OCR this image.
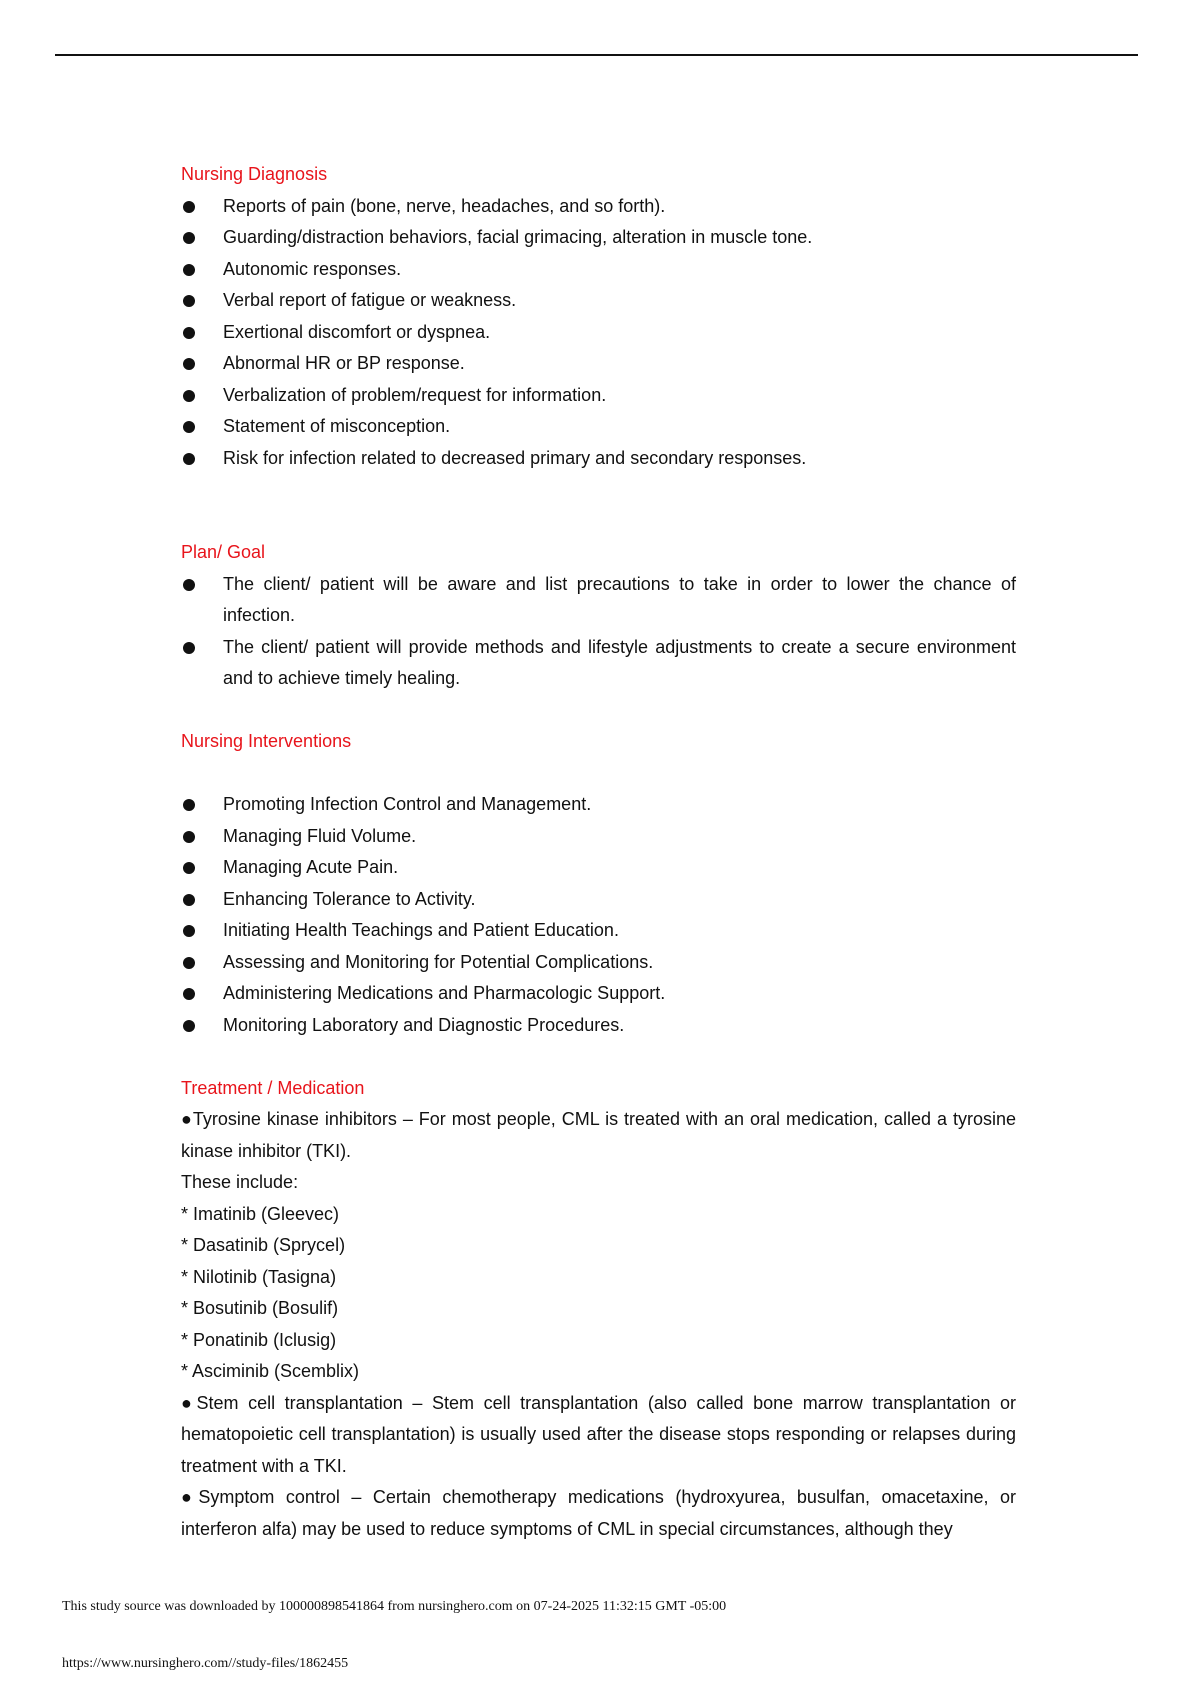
Nursing Diagnosis
Reports of pain (bone, nerve, headaches, and so forth).
Guarding/distraction behaviors, facial grimacing, alteration in muscle tone.
Autonomic responses.
Verbal report of fatigue or weakness.
Exertional discomfort or dyspnea.
Abnormal HR or BP response.
Verbalization of problem/request for information.
Statement of misconception.
Risk for infection related to decreased primary and secondary responses.
Plan/ Goal
The client/ patient will be aware and list precautions to take in order to lower the chance of infection.
The client/ patient will provide methods and lifestyle adjustments to create a secure environment and to achieve timely healing.
Nursing Interventions
Promoting Infection Control and Management.
Managing Fluid Volume.
Managing Acute Pain.
Enhancing Tolerance to Activity.
Initiating Health Teachings and Patient Education.
Assessing and Monitoring for Potential Complications.
Administering Medications and Pharmacologic Support.
Monitoring Laboratory and Diagnostic Procedures.
Treatment / Medication

●Tyrosine kinase inhibitors – For most people, CML is treated with an oral medication, called a tyrosine kinase inhibitor (TKI).

These include:

* Imatinib (Gleevec)

* Dasatinib (Sprycel)

* Nilotinib (Tasigna)

* Bosutinib (Bosulif)

* Ponatinib (Iclusig)

* Asciminib (Scemblix)

●Stem cell transplantation – Stem cell transplantation (also called bone marrow transplantation or hematopoietic cell transplantation) is usually used after the disease stops responding or relapses during treatment with a TKI.

●Symptom control – Certain chemotherapy medications (hydroxyurea, busulfan, omacetaxine, or interferon alfa) may be used to reduce symptoms of CML in special circumstances, although they

This study source was downloaded by 100000898541864 from nursinghero.com on 07-24-2025 11:32:15 GMT -05:00
https://www.nursinghero.com//study-files/1862455
